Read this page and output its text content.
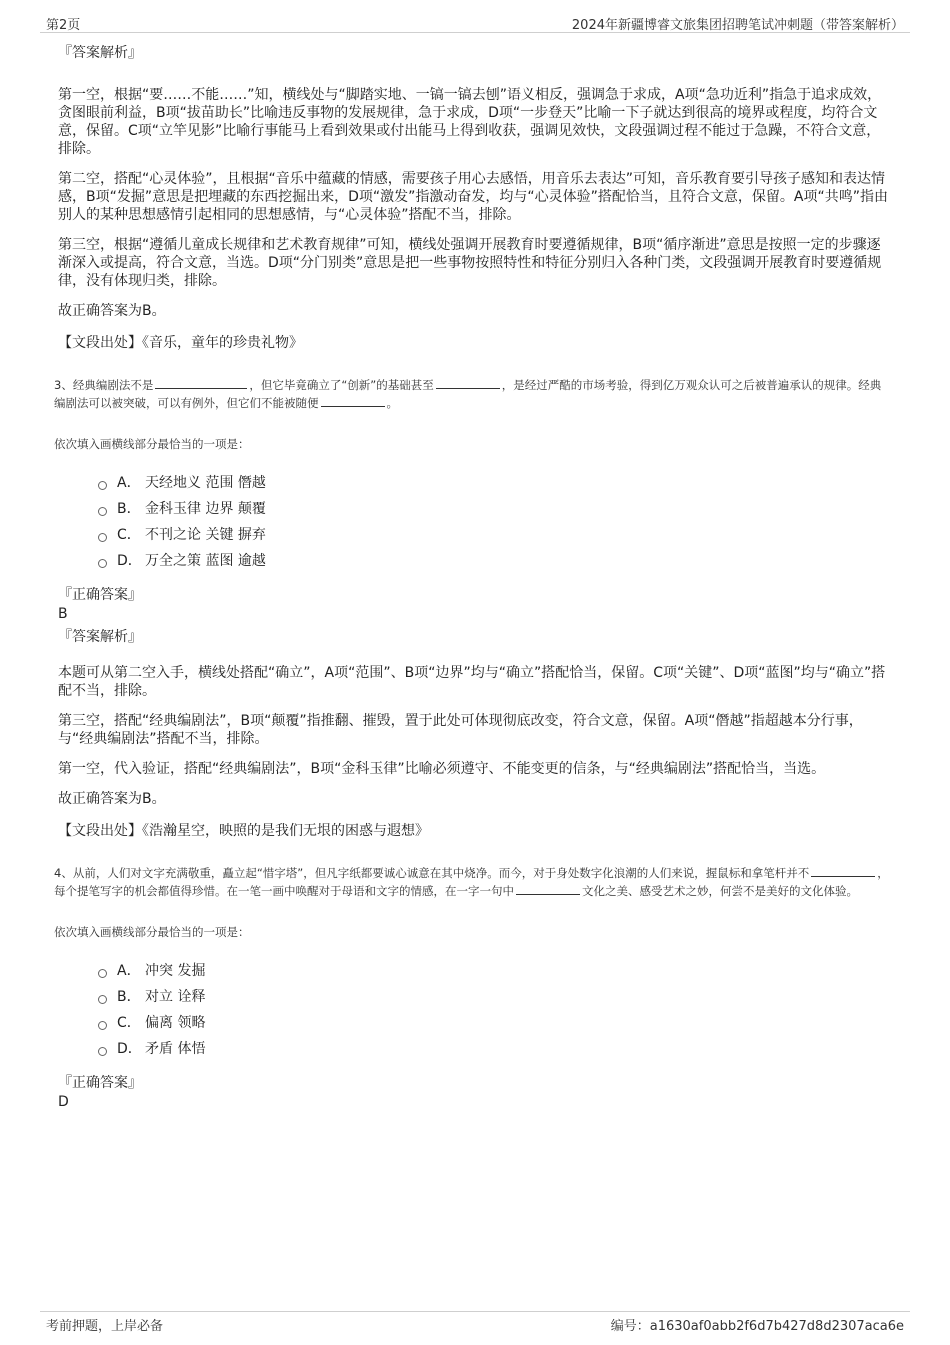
第2页	2024年新疆博睿文旅集团招聘笔试冲刺题（带答案解析）
『答案解析』

第一空，根据“要……不能……”知，横线处与“脚踏实地、一镐一镐去刨”语义相反，强调急于求成，A项“急功近利”指急于追求成效，贪图眼前利益，B项“拔苗助长”比喻违反事物的发展规律，急于求成，D项“一步登天”比喻一下子就达到很高的境界或程度，均符合文意，保留。C项“立竿见影”比喻行事能马上看到效果或付出能马上得到收获，强调见效快，文段强调过程不能过于急躁，不符合文意，排除。

第二空，搭配“心灵体验”，且根据“音乐中蕴藏的情感，需要孩子用心去感悟，用音乐去表达”可知，音乐教育要引导孩子感知和表达情感，B项“发掘”意思是把埋藏的东西挖掘出来，D项“激发”指激动奋发，均与“心灵体验”搭配恰当，且符合文意，保留。A项“共鸣”指由别人的某种思想感情引起相同的思想感情，与“心灵体验”搭配不当，排除。

第三空，根据“遵循儿童成长规律和艺术教育规律”可知，横线处强调开展教育时要遵循规律，B项“循序渐进”意思是按照一定的步骤逐渐深入或提高，符合文意，当选。D项“分门别类”意思是把一些事物按照特性和特征分别归入各种门类，文段强调开展教育时要遵循规律，没有体现归类，排除。

故正确答案为B。

【文段出处】《音乐，童年的珍贵礼物》
3、经典编剧法不是	，但它毕竟确立了“创新”的基础甚至	，是经过严酷的市场考验，得到亿万观众认可之后被普遍承认的规律。经典编剧法可以被突破，可以有例外，但它们不能被随便	。
依次填入画横线部分最恰当的一项是：
A． 天经地义 范围 僭越
B． 金科玉律 边界 颠覆
C． 不刊之论 关键 摒弃
D． 万全之策 蓝图 逾越
『正确答案』
B
『答案解析』

本题可从第二空入手，横线处搭配“确立”，A项“范围”、B项“边界”均与“确立”搭配恰当，保留。C项“关键”、D项“蓝图”均与“确立”搭配不当，排除。

第三空，搭配“经典编剧法”，B项“颠覆”指推翻、摧毁，置于此处可体现彻底改变，符合文意，保留。A项“僭越”指超越本分行事，与“经典编剧法”搭配不当，排除。

第一空，代入验证，搭配“经典编剧法”，B项“金科玉律”比喻必须遵守、不能变更的信条，与“经典编剧法”搭配恰当，当选。

故正确答案为B。

【文段出处】《浩瀚星空，映照的是我们无垠的困惑与遐想》
4、从前，人们对文字充满敬重，矗立起“惜字塔”，但凡字纸都要诚心诚意在其中烧净。而今，对于身处数字化浪潮的人们来说，握鼠标和拿笔杆并不	，每个提笔写字的机会都值得珍惜。在一笔一画中唤醒对于母语和文字的情感，在一字一句中	文化之美、感受艺术之妙，何尝不是美好的文化体验。
依次填入画横线部分最恰当的一项是：
A． 冲突 发掘
B． 对立 诠释
C． 偏离 领略
D． 矛盾 体悟
『正确答案』
D
考前押题，上岸必备	编号：a1630af0abb2f6d7b427d8d2307aca6e
